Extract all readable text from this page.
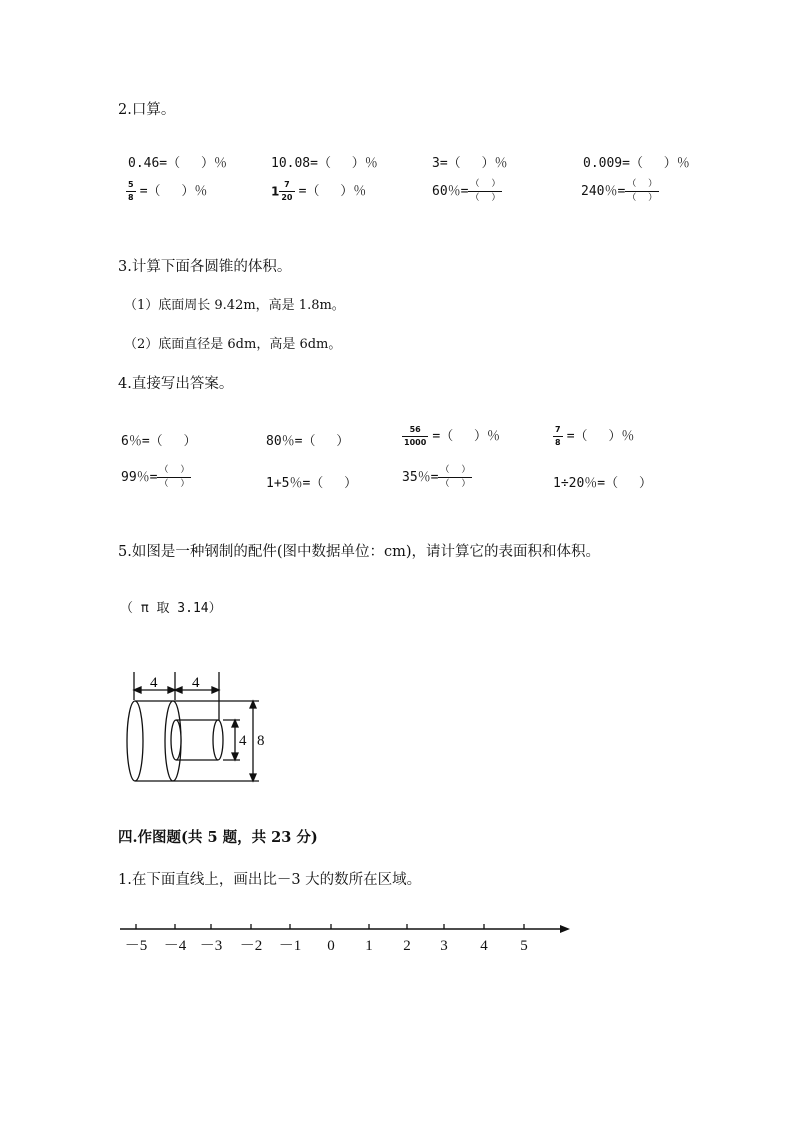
2.口算。
0.46=（　 ）％	10.08=（　 ）％	3=（　 ）％	0.009=（　 ）％
$\frac{5}{8}$ =（　 ）％	$1 \frac{7}{20}$ =（　 ）％	60％= $\frac{( )}{( )}$	240％= $\frac{( )}{( )}$
3.计算下面各圆锥的体积。
（1）底面周长 9.42m，高是 1.8m。
（2）底面直径是 6dm，高是 6dm。
4.直接写出答案。
6％=（　 ）	80％=（　 ）	$\frac{56}{1000}$ =（　 ）％	$\frac{7}{8}$ =（　 ）％
99％= $\frac{( )}{( )}$	1+5％=（　 ）	35％= $\frac{( )}{( )}$	1÷20％=（　 ）
5.如图是一种钢制的配件(图中数据单位：cm)，请计算它的表面积和体积。
（ π 取 3.14）
4 4
4 8
四.作图题(共 5 题，共 23 分)
1.在下面直线上，画出比－3 大的数所在区域。
－5 －4 －3 －2 －1 0 1 2 3 4 5
